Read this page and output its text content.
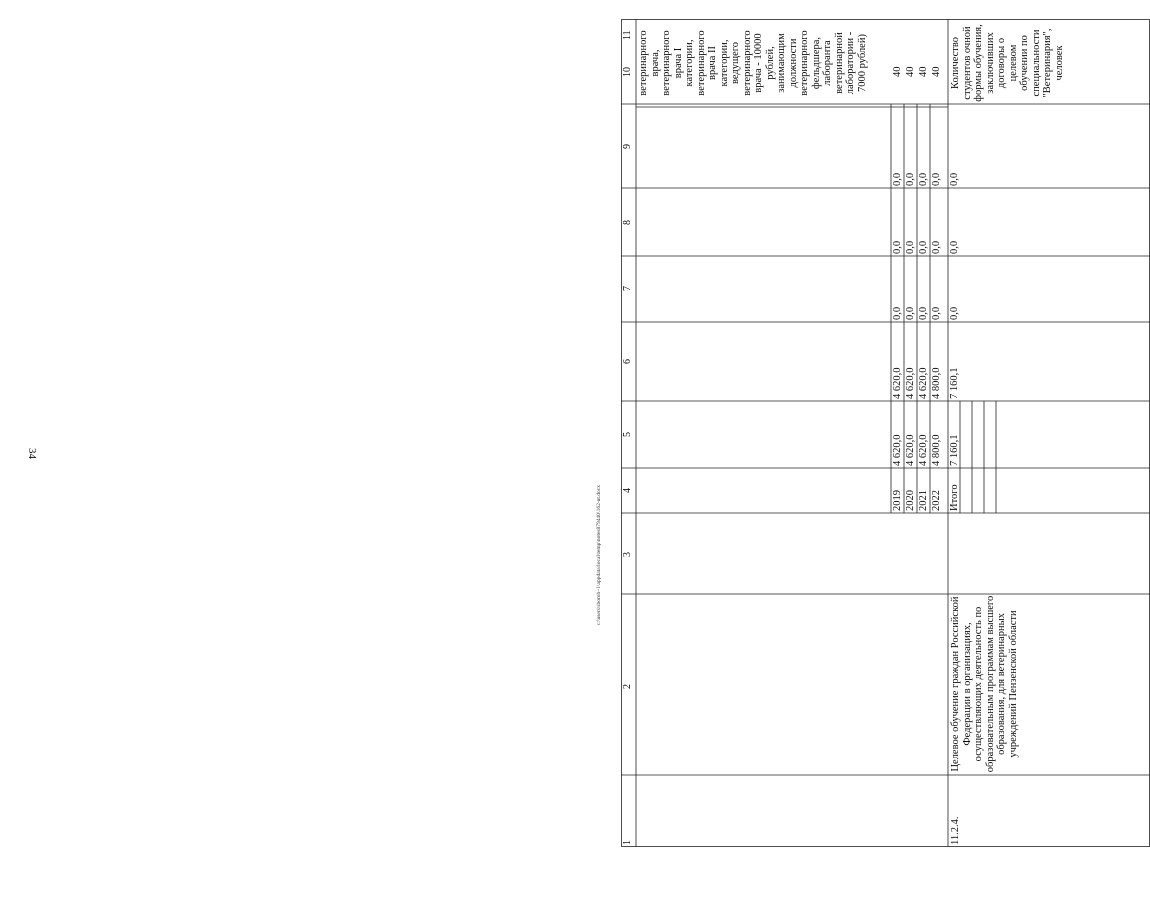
34
c:\users\sborob~1\appdata\local\temp\notes879440\162-ut.docx
1
2
3
4
5
6
7
8
9
10
11 ветеринарного врача, ветеринарного врача I категории, ветеринарного врача II категории, ведущего ветеринарного врача - 10000 рублей, занимающим должности ветеринарного фельдшера, лаборанта ветеринарной лаборатории - 7000 рублей)	40 40 40 40
11.2.4.
Целевое обучение граждан Российской Федерации в организациях, осуществляющих деятельность по образовательным программам высшего образования, для ветеринарных учреждений Пензенской области
2019
4 620,0
4 620,0
0,0
0,0
0,0
2020
4 620,0
4 620,0
0,0
0,0
0,0
2021
4 620,0
4 620,0
0,0
0,0
0,0
2022
4 800,0
4 800,0
0,0
0,0
0,0
Итого
7 160,1
7 160,1
0,0
0,0
0,0
Количество студентов очной формы обучения, заключивших договоры о целевом обучении по специальности "Ветеринария", человек
